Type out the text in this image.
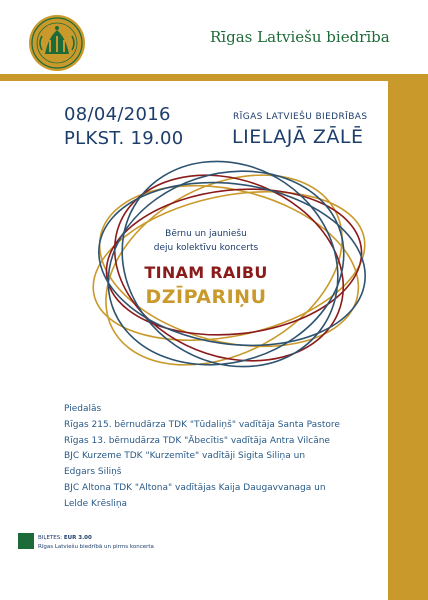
Rīgas Latviešu biedrība
08/04/2016
PLKST. 19.00
RĪGAS LATVIEŠU BIEDRĪBAS
LIELAJĀ ZĀLĒ
Bērnu un jauniešu
deju kolektīvu koncerts
TINAM RAIBU
DZĪPARIŅU
Piedalās
Rīgas 215. bērnudārza TDK "Tūdaliņš" vadītāja Santa Pastore
Rīgas 13. bērnudārza TDK "Ābecītis" vadītāja Antra Vilcāne
BJC Kurzeme TDK "Kurzemīte" vadītāji Sigita Siliņa un
Edgars Siliņš
BJC Altona TDK "Altona" vadītājas Kaija Daugavvanaga un
Lelde Krēsliņa
BIĻETES: EUR 3.00
Rīgas Latviešu biedrībā un pirms koncerta
